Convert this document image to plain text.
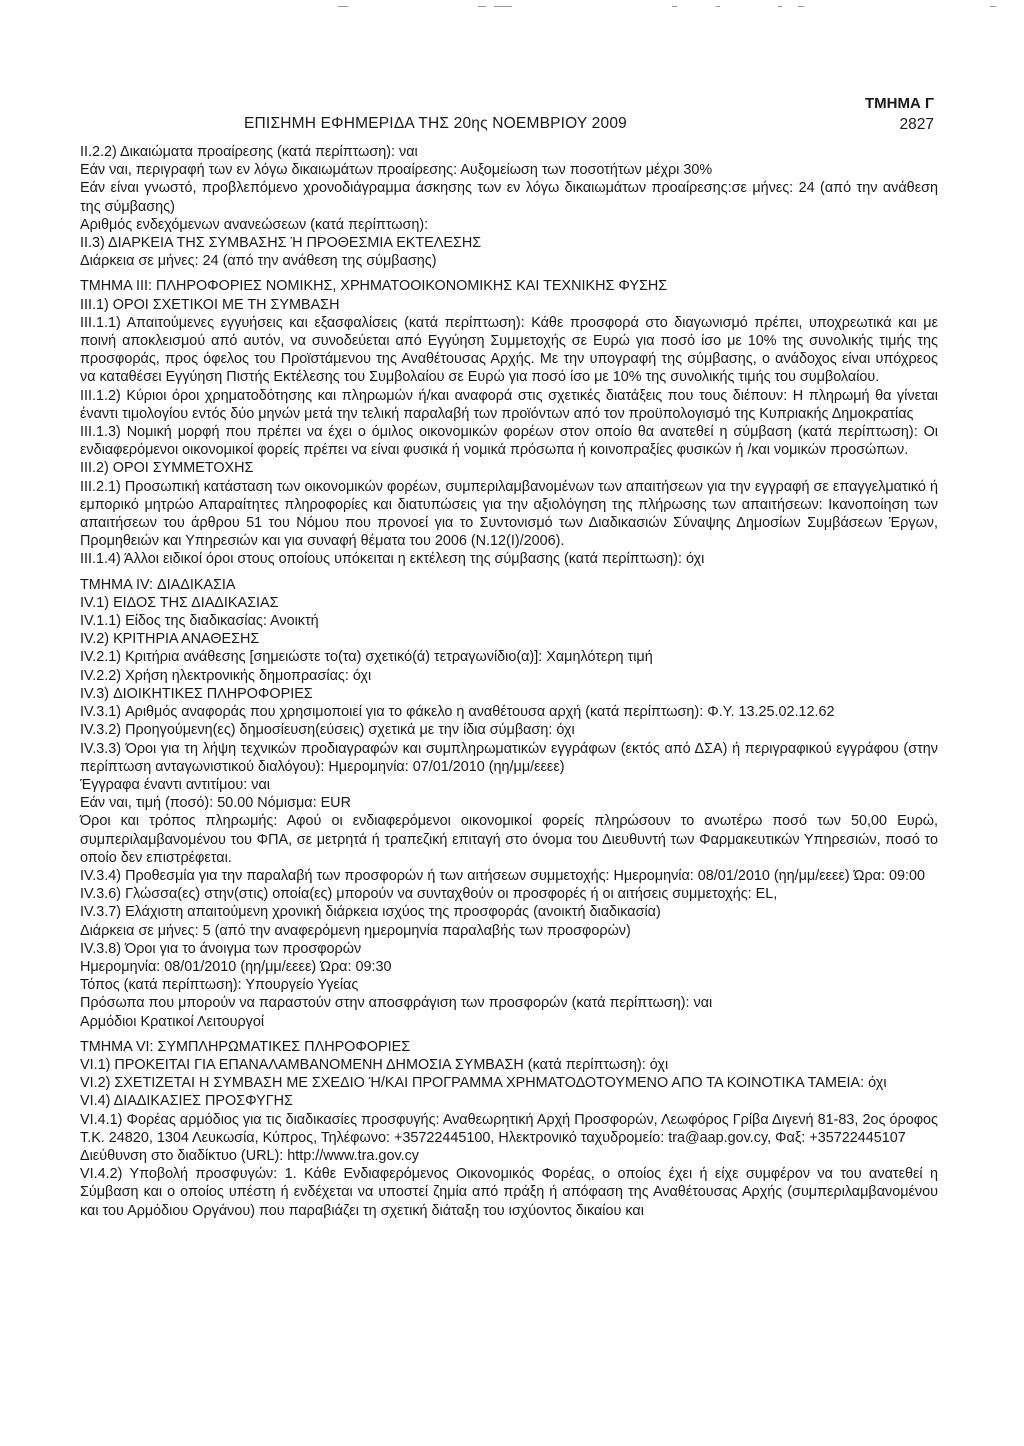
ΤΜΗΜΑ Γ
ΕΠΙΣΗΜΗ ΕΦΗΜΕΡΙΔΑ ΤΗΣ 20ης ΝΟΕΜΒΡΙΟΥ 2009	2827

ΙΙ.2.2) Δικαιώματα προαίρεσης (κατά περίπτωση): ναι

Εάν ναι, περιγραφή των εν λόγω δικαιωμάτων προαίρεσης: Αυξομείωση των ποσοτήτων μέχρι 30%

Εάν είναι γνωστό, προβλεπόμενο χρονοδιάγραμμα άσκησης των εν λόγω δικαιωμάτων προαίρεσης:σε μήνες: 24 (από την ανάθεση της σύμβασης)

Αριθμός ενδεχόμενων ανανεώσεων (κατά περίπτωση):

ΙΙ.3) ΔΙΑΡΚΕΙΑ ΤΗΣ ΣΥΜΒΑΣΗΣ Ή ΠΡΟΘΕΣΜΙΑ ΕΚΤΕΛΕΣΗΣ

Διάρκεια σε μήνες: 24 (από την ανάθεση της σύμβασης)

ΤΜΗΜΑ ΙΙΙ: ΠΛΗΡΟΦΟΡΙΕΣ ΝΟΜΙΚΗΣ, ΧΡΗΜΑΤΟΟΙΚΟΝΟΜΙΚΗΣ ΚΑΙ ΤΕΧΝΙΚΗΣ ΦΥΣΗΣ

ΙΙΙ.1) ΟΡΟΙ ΣΧΕΤΙΚΟΙ ΜΕ ΤΗ ΣΥΜΒΑΣΗ

ΙΙΙ.1.1) Απαιτούμενες εγγυήσεις και εξασφαλίσεις (κατά περίπτωση): Κάθε προσφορά στο διαγωνισμό πρέπει, υποχρεωτικά και με ποινή αποκλεισμού από αυτόν, να συνοδεύεται από Εγγύηση Συμμετοχής σε Ευρώ για ποσό ίσο με 10% της συνολικής τιμής της προσφοράς, προς όφελος του Προϊστάμενου της Αναθέτουσας Αρχής. Με την υπογραφή της σύμβασης, ο ανάδοχος είναι υπόχρεος να καταθέσει Εγγύηση Πιστής Εκτέλεσης του Συμβολαίου σε Ευρώ για ποσό ίσο με 10% της συνολικής τιμής του συμβολαίου.

ΙΙΙ.1.2) Κύριοι όροι χρηματοδότησης και πληρωμών ή/και αναφορά στις σχετικές διατάξεις που τους διέπουν: Η πληρωμή θα γίνεται έναντι τιμολογίου εντός δύο μηνών μετά την τελική παραλαβή των προϊόντων από τον προϋπολογισμό της Κυπριακής Δημοκρατίας

ΙΙΙ.1.3) Νομική μορφή που πρέπει να έχει ο όμιλος οικονομικών φορέων στον οποίο θα ανατεθεί η σύμβαση (κατά περίπτωση): Οι ενδιαφερόμενοι οικονομικοί φορείς πρέπει να είναι φυσικά ή νομικά πρόσωπα ή κοινοπραξίες φυσικών ή /και νομικών προσώπων.

ΙΙΙ.2) ΟΡΟΙ ΣΥΜΜΕΤΟΧΗΣ

ΙΙΙ.2.1) Προσωπική κατάσταση των οικονομικών φορέων, συμπεριλαμβανομένων των απαιτήσεων για την εγγραφή σε επαγγελματικό ή εμπορικό μητρώο Απαραίτητες πληροφορίες και διατυπώσεις για την αξιολόγηση της πλήρωσης των απαιτήσεων: Ικανοποίηση των απαιτήσεων του άρθρου 51 του Νόμου που προνοεί για το Συντονισμό των Διαδικασιών Σύναψης Δημοσίων Συμβάσεων Έργων, Προμηθειών και Υπηρεσιών και για συναφή θέματα του 2006 (Ν.12(Ι)/2006).

ΙΙΙ.1.4) Άλλοι ειδικοί όροι στους οποίους υπόκειται η εκτέλεση της σύμβασης (κατά περίπτωση): όχι

ΤΜΗΜΑ ΙV: ΔΙΑΔΙΚΑΣΙΑ

ΙV.1) ΕΙΔΟΣ ΤΗΣ ΔΙΑΔΙΚΑΣΙΑΣ

ΙV.1.1) Είδος της διαδικασίας: Ανοικτή

ΙV.2) ΚΡΙΤΗΡΙΑ ΑΝΑΘΕΣΗΣ

ΙV.2.1) Κριτήρια ανάθεσης [σημειώστε το(τα) σχετικό(ά) τετραγωνίδιο(α)]: Χαμηλότερη τιμή

ΙV.2.2) Χρήση ηλεκτρονικής δημοπρασίας: όχι

ΙV.3) ΔΙΟΙΚΗΤΙΚΕΣ ΠΛΗΡΟΦΟΡΙΕΣ

ΙV.3.1) Αριθμός αναφοράς που χρησιμοποιεί για το φάκελο η αναθέτουσα αρχή (κατά περίπτωση): Φ.Υ. 13.25.02.12.62

ΙV.3.2) Προηγούμενη(ες) δημοσίευση(εύσεις) σχετικά με την ίδια σύμβαση: όχι

ΙV.3.3) Όροι για τη λήψη τεχνικών προδιαγραφών και συμπληρωματικών εγγράφων (εκτός από ΔΣΑ) ή περιγραφικού εγγράφου (στην περίπτωση ανταγωνιστικού διαλόγου): Ημερομηνία: 07/01/2010 (ηη/μμ/εεεε)

Έγγραφα έναντι αντιτίμου: ναι

Εάν ναι, τιμή (ποσό): 50.00 Νόμισμα: EUR

Όροι και τρόπος πληρωμής: Αφού οι ενδιαφερόμενοι οικονομικοί φορείς πληρώσουν το ανωτέρω ποσό των 50,00 Ευρώ, συμπεριλαμβανομένου του ΦΠΑ, σε μετρητά ή τραπεζική επιταγή στο όνομα του Διευθυντή των Φαρμακευτικών Υπηρεσιών, ποσό το οποίο δεν επιστρέφεται.

ΙV.3.4) Προθεσμία για την παραλαβή των προσφορών ή των αιτήσεων συμμετοχής: Ημερομηνία: 08/01/2010 (ηη/μμ/εεεε) Ώρα: 09:00

ΙV.3.6) Γλώσσα(ες) στην(στις) οποία(ες) μπορούν να συνταχθούν οι προσφορές ή οι αιτήσεις συμμετοχής: EL,

ΙV.3.7) Ελάχιστη απαιτούμενη χρονική διάρκεια ισχύος της προσφοράς (ανοικτή διαδικασία)

Διάρκεια σε μήνες: 5 (από την αναφερόμενη ημερομηνία παραλαβής των προσφορών)

ΙV.3.8) Όροι για το άνοιγμα των προσφορών

Ημερομηνία: 08/01/2010 (ηη/μμ/εεεε) Ώρα: 09:30

Τόπος (κατά περίπτωση): Υπουργείο Υγείας

Πρόσωπα που μπορούν να παραστούν στην αποσφράγιση των προσφορών (κατά περίπτωση): ναι

Αρμόδιοι Κρατικοί Λειτουργοί

ΤΜΗΜΑ VΙ: ΣΥΜΠΛΗΡΩΜΑΤΙΚΕΣ ΠΛΗΡΟΦΟΡΙΕΣ

VΙ.1) ΠΡΟΚΕΙΤΑΙ ΓΙΑ ΕΠΑΝΑΛΑΜΒΑΝΟΜΕΝΗ ΔΗΜΟΣΙΑ ΣΥΜΒΑΣΗ (κατά περίπτωση): όχι

VΙ.2) ΣΧΕΤΙΖΕΤΑΙ Η ΣΥΜΒΑΣΗ ΜΕ ΣΧΕΔΙΟ Ή/ΚΑΙ ΠΡΟΓΡΑΜΜΑ ΧΡΗΜΑΤΟΔΟΤΟΥΜΕΝΟ ΑΠΟ ΤΑ ΚΟΙΝΟΤΙΚΑ ΤΑΜΕΙΑ: όχι

VΙ.4) ΔΙΑΔΙΚΑΣΙΕΣ ΠΡΟΣΦΥΓΗΣ

VΙ.4.1) Φορέας αρμόδιος για τις διαδικασίες προσφυγής: Αναθεωρητική Αρχή Προσφορών, Λεωφόρος Γρίβα Διγενή 81-83, 2ος όροφος Τ.Κ. 24820, 1304 Λευκωσία, Κύπρος, Τηλέφωνο: +35722445100, Ηλεκτρονικό ταχυδρομείο: tra@aap.gov.cy, Φαξ: +35722445107

Διεύθυνση στο διαδίκτυο (URL): http://www.tra.gov.cy

VΙ.4.2) Υποβολή προσφυγών: 1. Κάθε Ενδιαφερόμενος Οικονομικός Φορέας, ο οποίος έχει ή είχε συμφέρον να του ανατεθεί η Σύμβαση και ο οποίος υπέστη ή ενδέχεται να υποστεί ζημία από πράξη ή απόφαση της Αναθέτουσας Αρχής (συμπεριλαμβανομένου και του Αρμόδιου Οργάνου) που παραβιάζει τη σχετική διάταξη του ισχύοντος δικαίου και
